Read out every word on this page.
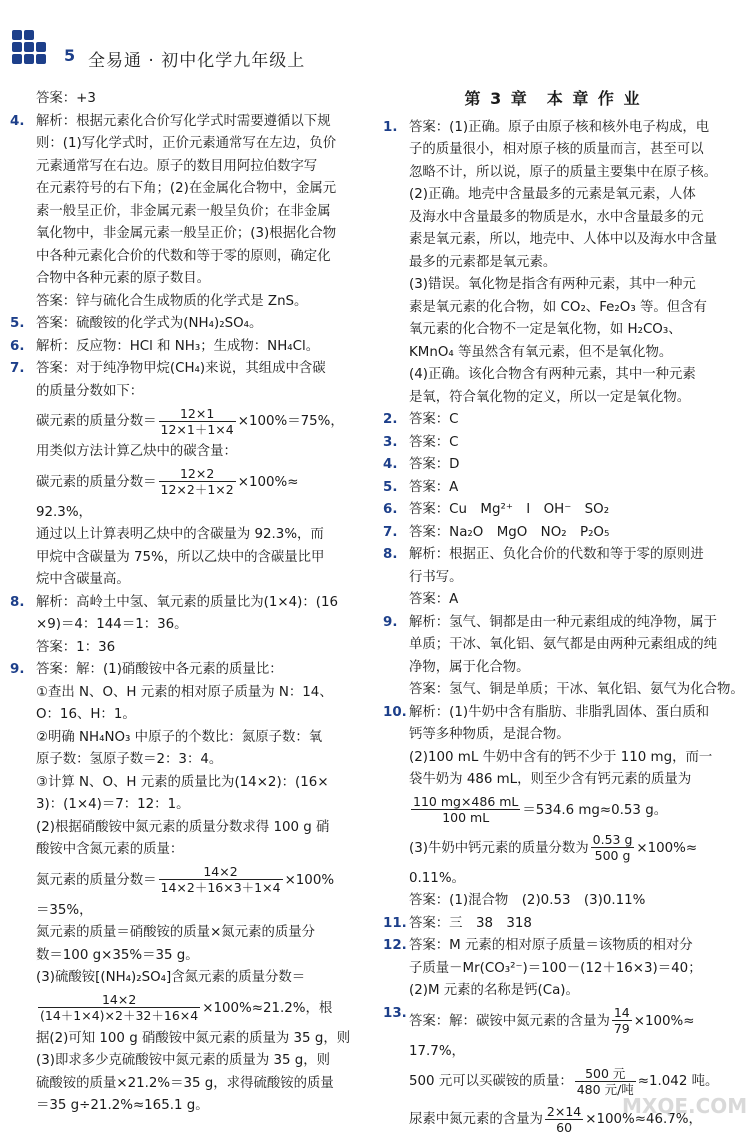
5 全易通 · 初中化学九年级上
答案：+3
4. 解析：根据元素化合价写化学式时需要遵循以下规
则：(1)写化学式时，正价元素通常写在左边，负价
元素通常写在右边。原子的数目用阿拉伯数字写
在元素符号的右下角；(2)在金属化合物中，金属元
素一般呈正价，非金属元素一般呈负价；在非金属
氧化物中，非金属元素一般呈正价；(3)根据化合物
中各种元素化合价的代数和等于零的原则，确定化
合物中各种元素的原子数目。
答案：锌与硫化合生成物质的化学式是 ZnS。
5. 答案：硫酸铵的化学式为(NH₄)₂SO₄。
6. 解析：反应物：HCl 和 NH₃；生成物：NH₄Cl。
7. 答案：对于纯净物甲烷(CH₄)来说，其组成中含碳
的质量分数如下：
碳元素的质量分数＝ $\frac{12\times 1}{12\times 1+1\times 4} \times 100\%=75\%$，
用类似方法计算乙炔中的碳含量：
碳元素的质量分数＝ $\frac{12\times 2}{12\times 2+1\times 2} \times 100\%\approx$
92.3%，
通过以上计算表明乙炔中的含碳量为 92.3%，而
甲烷中含碳量为 75%，所以乙炔中的含碳量比甲
烷中含碳量高。
8. 解析：高岭土中氢、氧元素的质量比为(1×4)：(16
×9)＝4：144＝1：36。
答案：1：36
9. 答案：解：(1)硝酸铵中各元素的质量比：
①查出 N、O、H 元素的相对原子质量为 N：14、
O：16、H：1。
②明确 NH₄NO₃ 中原子的个数比：氮原子数：氧
原子数：氢原子数＝2：3：4。
③计算 N、O、H 元素的质量比为(14×2)：(16×
3)：(1×4)＝7：12：1。
(2)根据硝酸铵中氮元素的质量分数求得 100 g 硝
酸铵中含氮元素的质量：
氮元素的质量分数＝ $\frac{14\times 2}{14\times 2+16\times 3+1\times 4} \times 100\%$
＝35%，
氮元素的质量＝硝酸铵的质量×氮元素的质量分
数＝100 g×35%＝35 g。
(3)硫酸铵[(NH₄)₂SO₄]含氮元素的质量分数＝
$\frac{14\times 2}{(14+1\times 4)\times 2+32+16\times 4} \times 100\%\approx 21.2\%$，根
据(2)可知 100 g 硝酸铵中氮元素的质量为 35 g，则
(3)即求多少克硫酸铵中氮元素的质量为 35 g，则
硫酸铵的质量×21.2%＝35 g，求得硫酸铵的质量
＝35 g÷21.2%≈165.1 g。
第 3 章　本 章 作 业
1. 答案：(1)正确。原子由原子核和核外电子构成，电
子的质量很小，相对原子核的质量而言，甚至可以
忽略不计，所以说，原子的质量主要集中在原子核。
(2)正确。地壳中含量最多的元素是氧元素，人体
及海水中含量最多的物质是水，水中含量最多的元
素是氧元素，所以，地壳中、人体中以及海水中含量
最多的元素都是氧元素。
(3)错误。氧化物是指含有两种元素，其中一种元
素是氧元素的化合物，如 CO₂、Fe₂O₃ 等。但含有
氧元素的化合物不一定是氧化物，如 H₂CO₃、
KMnO₄ 等虽然含有氧元素，但不是氧化物。
(4)正确。该化合物含有两种元素，其中一种元素
是氧，符合氧化物的定义，所以一定是氧化物。
2. 答案：C
3. 答案：C
4. 答案：D
5. 答案：A
6. 答案：Cu　Mg²⁺　I　OH⁻　SO₂
7. 答案：Na₂O　MgO　NO₂　P₂O₅
8. 解析：根据正、负化合价的代数和等于零的原则进
行书写。
答案：A
9. 解析：氢气、铜都是由一种元素组成的纯净物，属于
单质；干冰、氧化铝、氨气都是由两种元素组成的纯
净物，属于化合物。
答案：氢气、铜是单质；干冰、氧化铝、氨气为化合物。
10. 解析：(1)牛奶中含有脂肪、非脂乳固体、蛋白质和
钙等多种物质，是混合物。
(2)100 mL 牛奶中含有的钙不少于 110 mg，而一
袋牛奶为 486 mL，则至少含有钙元素的质量为
$\frac{110 mg\times 486 mL}{100 mL} =534.6$ mg≈0.53 g。
(3)牛奶中钙元素的质量分数为 $\frac{0.53 g}{500 g} \times 100\%\approx$
0.11%。
答案：(1)混合物　(2)0.53　(3)0.11%
11. 答案：三　38　318
12. 答案：M 元素的相对原子质量＝该物质的相对分
子质量－Mr(CO₃²⁻)＝100－(12＋16×3)＝40；
(2)M 元素的名称是钙(Ca)。
13.
答案：解：碳铵中氮元素的含量为 $\frac{14}{79} \times 100\%\approx$
17.7%，
500 元可以买碳铵的质量： $\frac{\text{500 元}}{\text{480 元/吨}} \approx 1.042$ 吨。
尿素中氮元素的含量为 $\frac{2\times 14}{60} \times 100\%\approx 46.7\%$，
MXQE.COM
